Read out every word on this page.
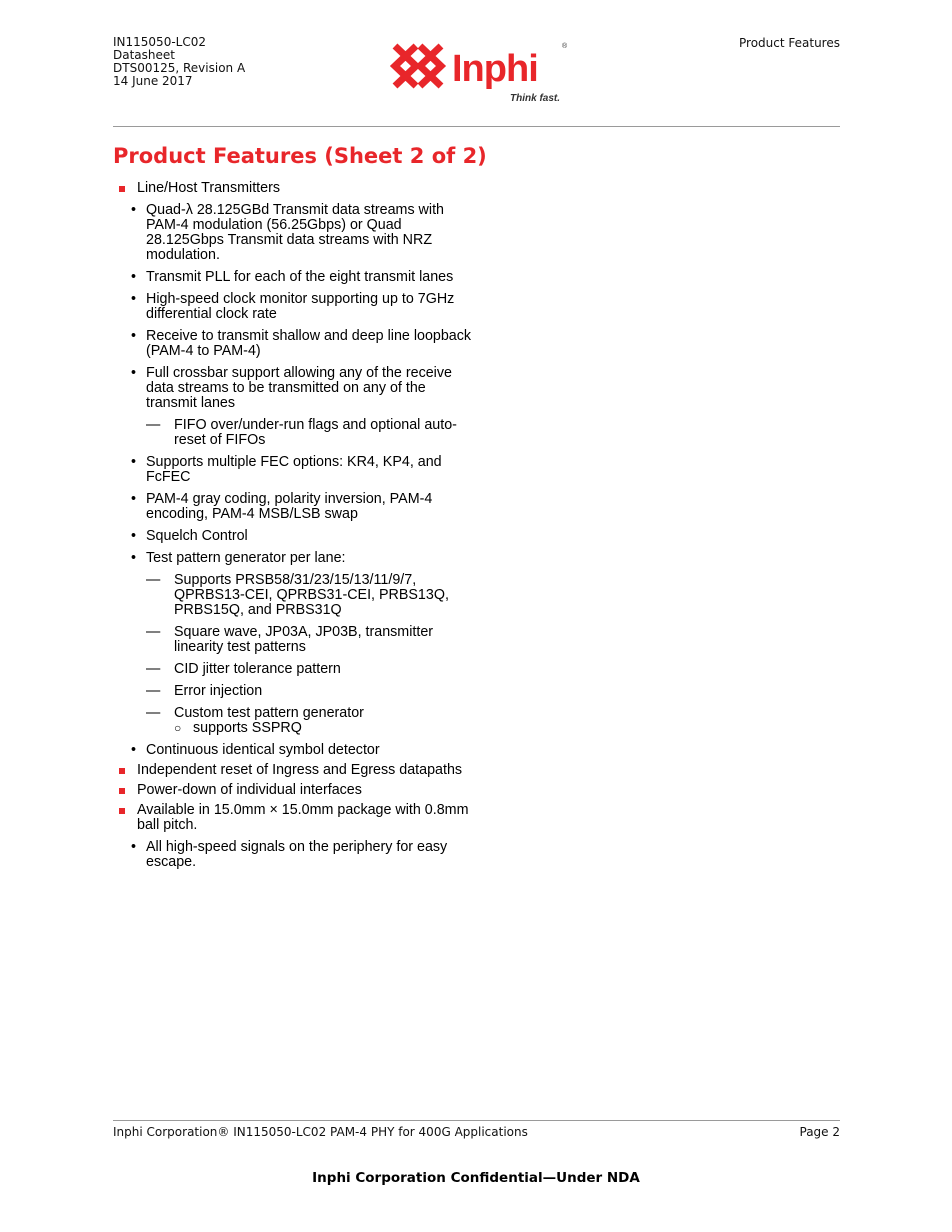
IN115050-LC02
Datasheet
DTS00125, Revision A
14 June 2017
Product Features
Inphi
®
Think fast.
Product Features (Sheet 2 of 2)
Line/Host Transmitters
• Quad-λ 28.125GBd Transmit data streams with PAM-4 modulation (56.25Gbps) or Quad 28.125Gbps Transmit data streams with NRZ modulation.
• Transmit PLL for each of the eight transmit lanes
• High-speed clock monitor supporting up to 7GHz differential clock rate
• Receive to transmit shallow and deep line loopback (PAM-4 to PAM-4)
• Full crossbar support allowing any of the receive data streams to be transmitted on any of the transmit lanes
— FIFO over/under-run flags and optional auto-reset of FIFOs
• Supports multiple FEC options: KR4, KP4, and FcFEC
• PAM-4 gray coding, polarity inversion, PAM-4 encoding, PAM-4 MSB/LSB swap
• Squelch Control
• Test pattern generator per lane:
— Supports PRSB58/31/23/15/13/11/9/7, QPRBS13-CEI, QPRBS31-CEI, PRBS13Q, PRBS15Q, and PRBS31Q
— Square wave, JP03A, JP03B, transmitter linearity test patterns
— CID jitter tolerance pattern
— Error injection
— Custom test pattern generator
○ supports SSPRQ
• Continuous identical symbol detector
Independent reset of Ingress and Egress datapaths
Power-down of individual interfaces
Available in 15.0mm × 15.0mm package with 0.8mm ball pitch.
• All high-speed signals on the periphery for easy escape.
Inphi Corporation® IN115050-LC02 PAM-4 PHY for 400G Applications	Page 2
Inphi Corporation Confidential—Under NDA
